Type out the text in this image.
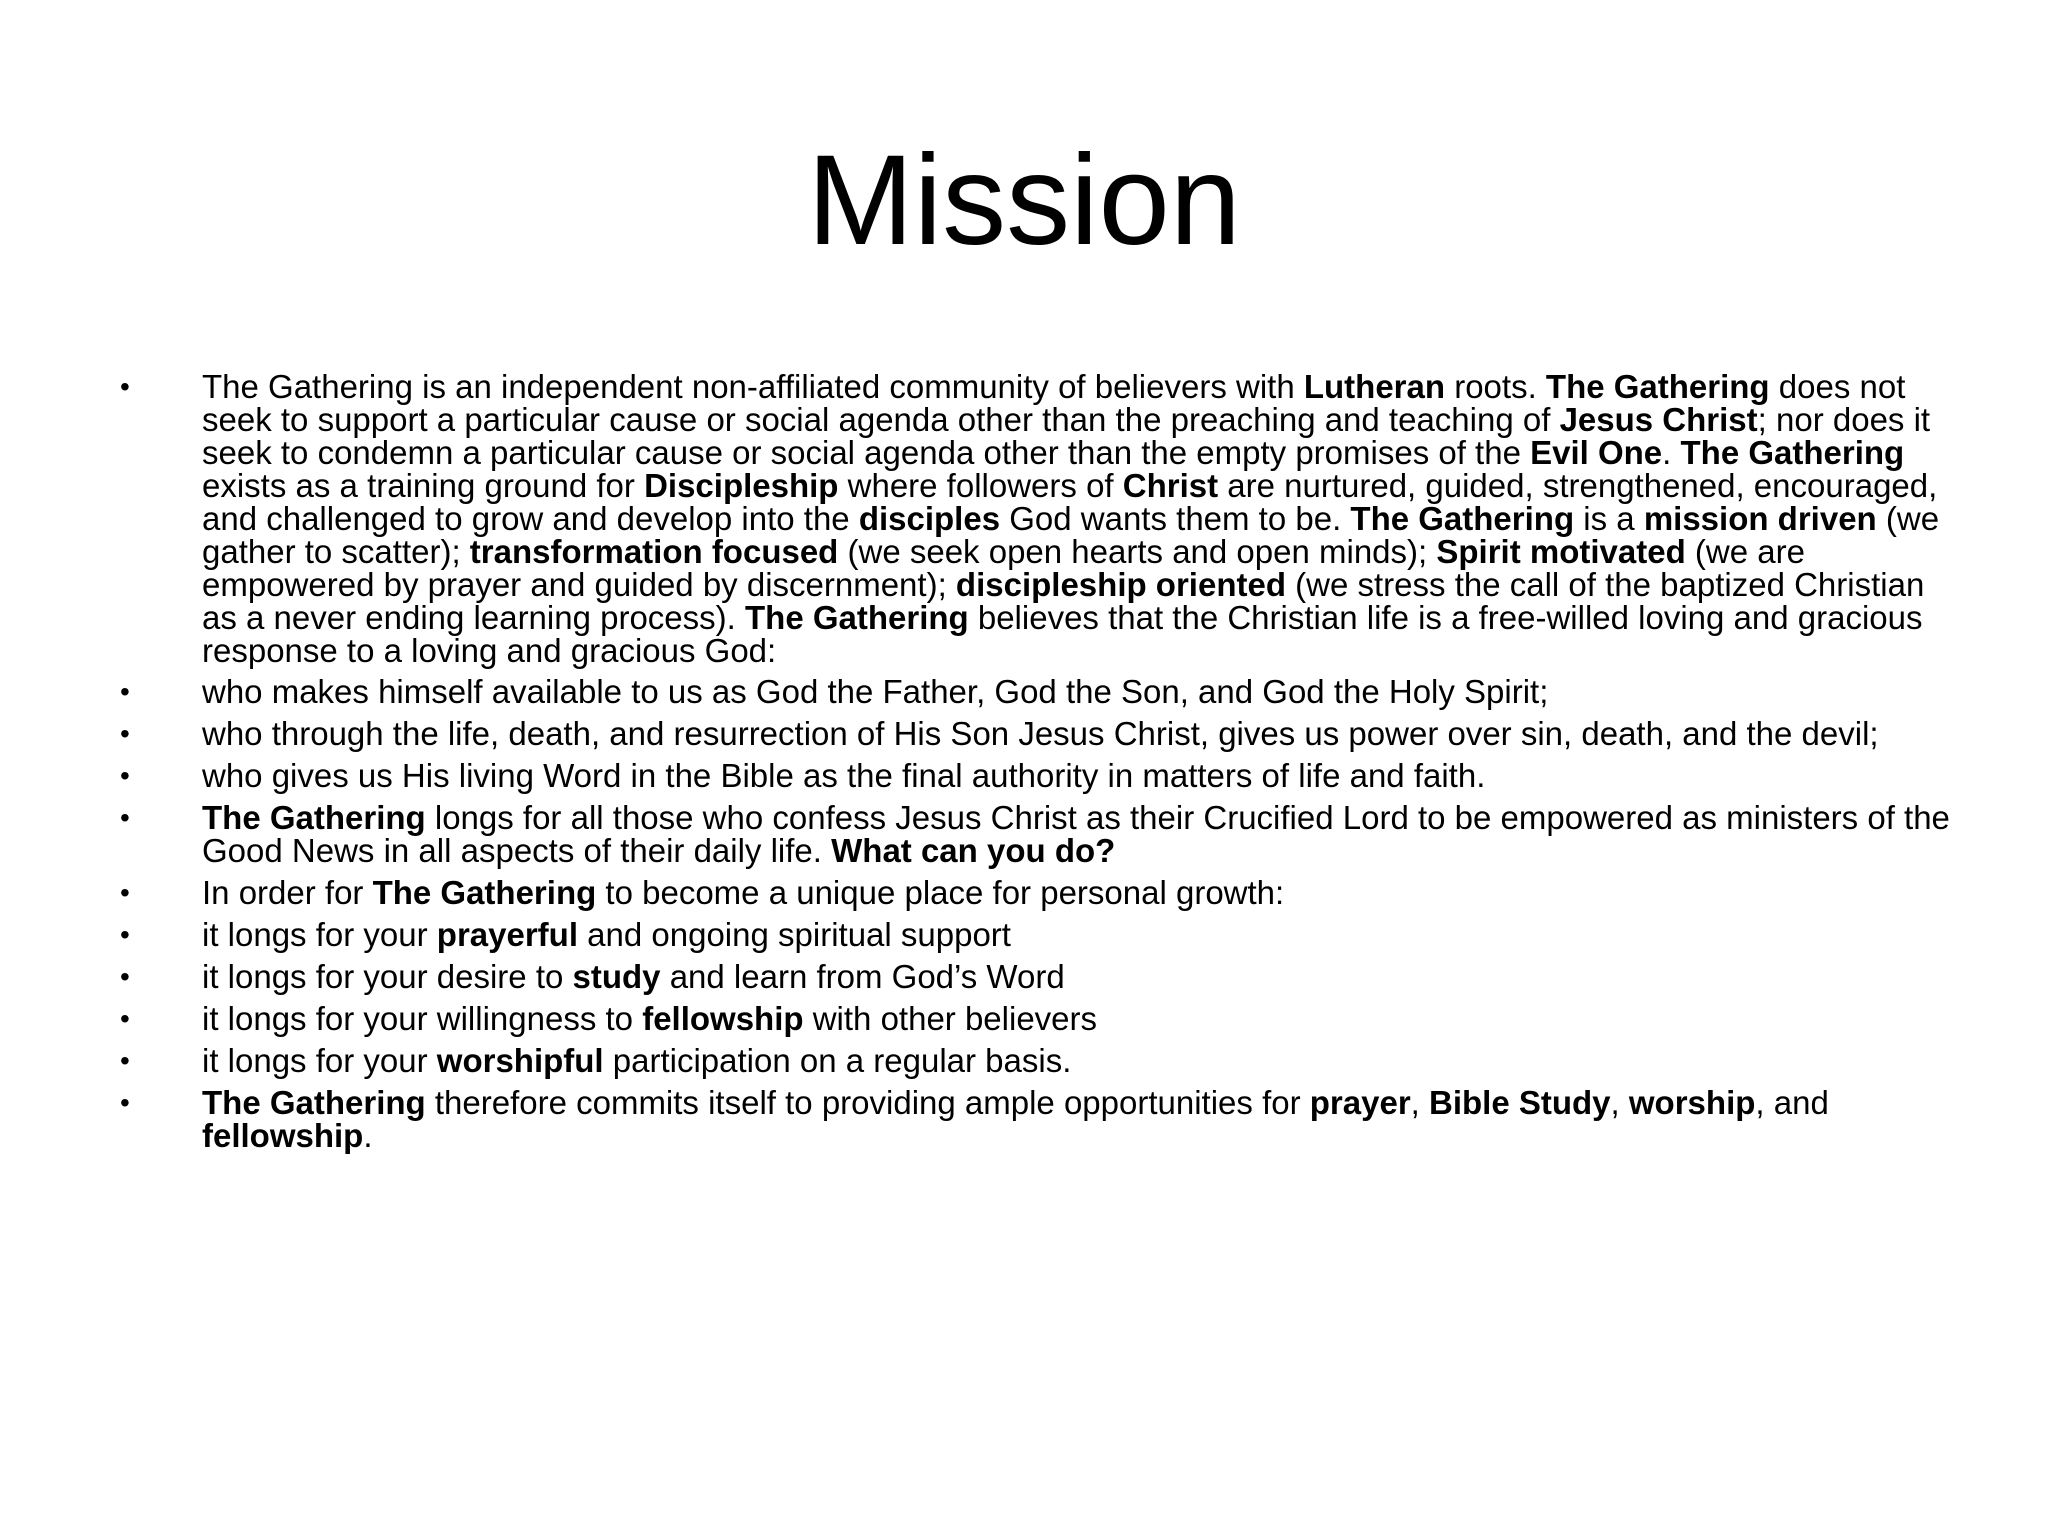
Mission
•	The Gathering is an independent non-affiliated community of believers with Lutheran roots. The Gathering does not seek to support a particular cause or social agenda other than the preaching and teaching of Jesus Christ; nor does it seek to condemn a particular cause or social agenda other than the empty promises of the Evil One. The Gathering exists as a training ground for Discipleship where followers of Christ are nurtured, guided, strengthened, encouraged, and challenged to grow and develop into the disciples God wants them to be. The Gathering is a mission driven (we gather to scatter); transformation focused (we seek open hearts and open minds); Spirit motivated (we are empowered by prayer and guided by discernment); discipleship oriented (we stress the call of the baptized Christian as a never ending learning process). The Gathering believes that the Christian life is a free-willed loving and gracious response to a loving and gracious God:
•	who makes himself available to us as God the Father, God the Son, and God the Holy Spirit;
•	who through the life, death, and resurrection of His Son Jesus Christ, gives us power over sin, death, and the devil;
•	who gives us His living Word in the Bible as the final authority in matters of life and faith.
•	The Gathering longs for all those who confess Jesus Christ as their Crucified Lord to be empowered as ministers of the Good News in all aspects of their daily life. What can you do?
•	In order for The Gathering to become a unique place for personal growth:
•	it longs for your prayerful and ongoing spiritual support
•	it longs for your desire to study and learn from God’s Word
•	it longs for your willingness to fellowship with other believers
•	it longs for your worshipful participation on a regular basis.
•	The Gathering therefore commits itself to providing ample opportunities for prayer, Bible Study, worship, and fellowship.
